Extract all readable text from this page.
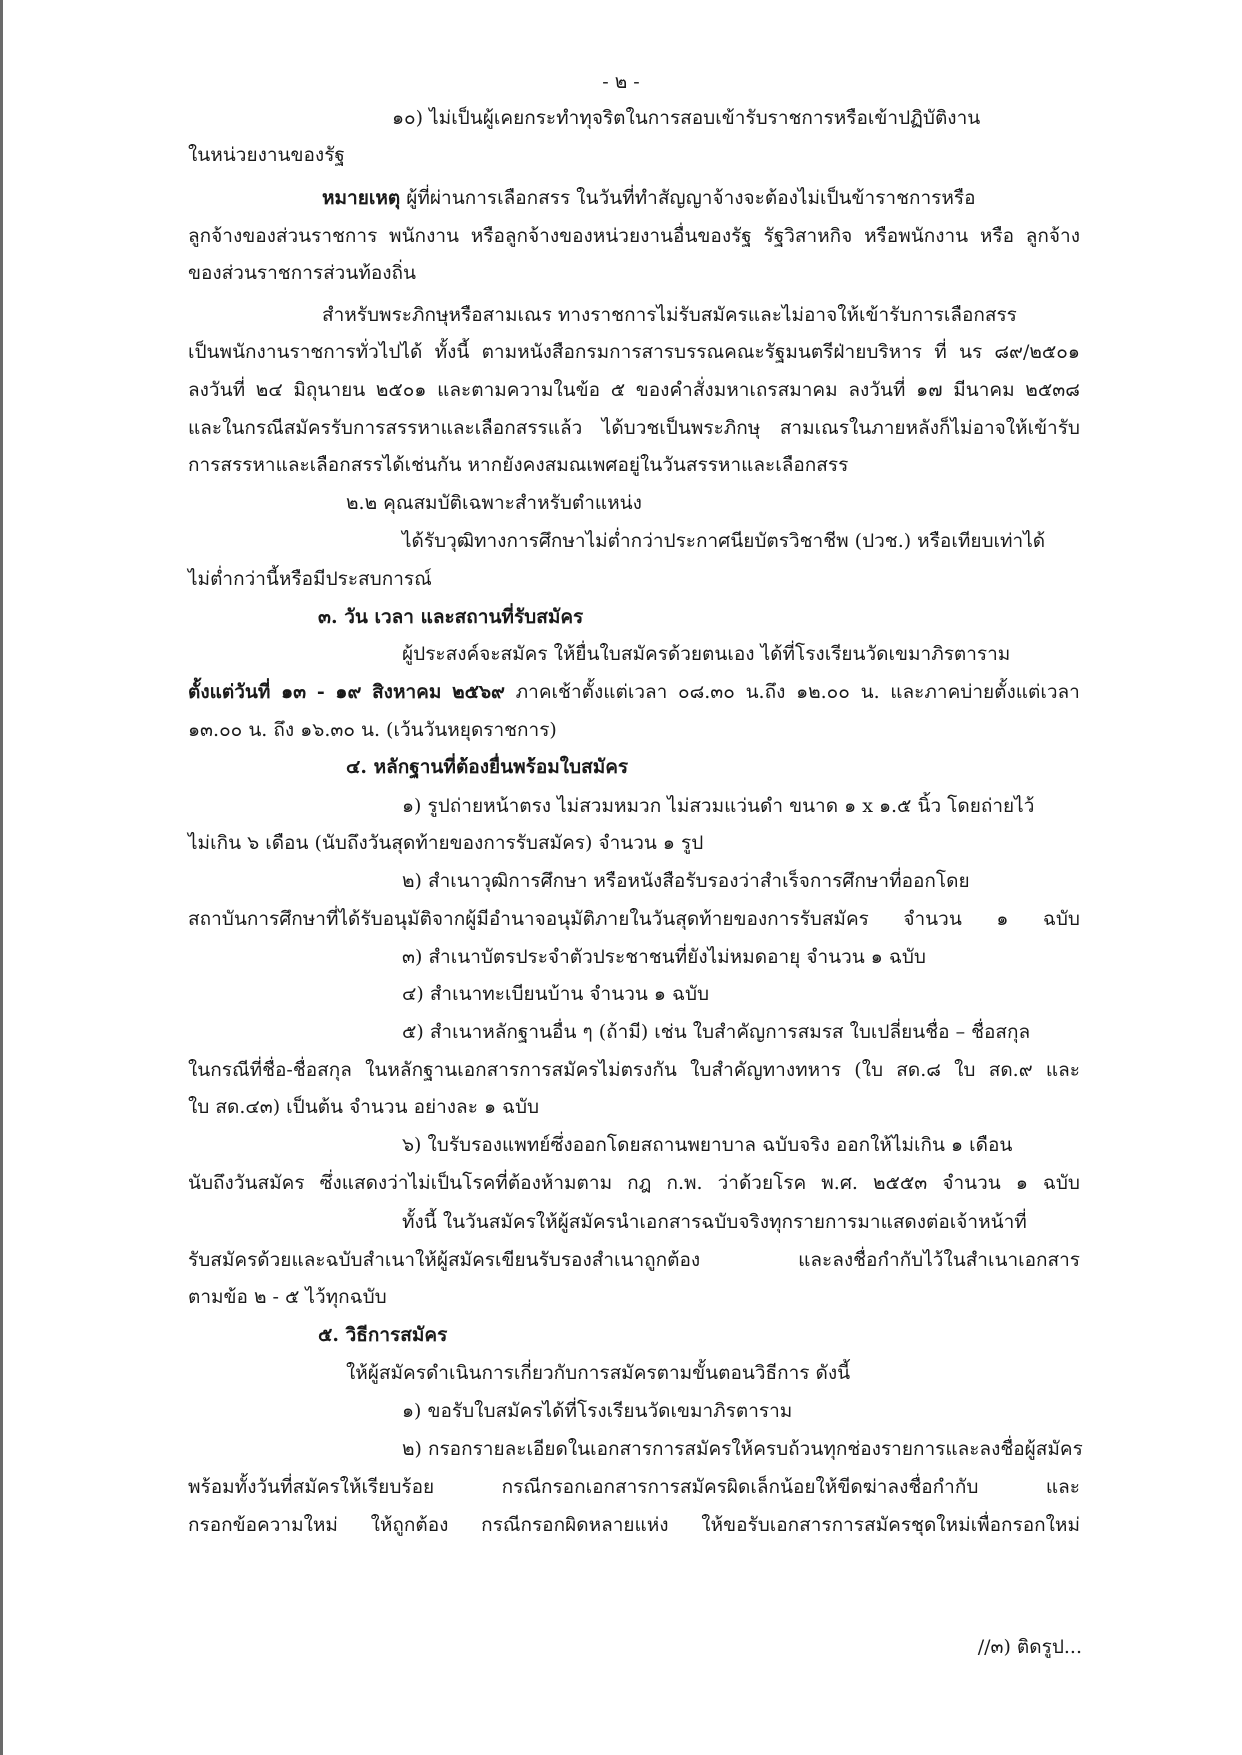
- ๒ -
๑๐) ไม่เป็นผู้เคยกระทำทุจริตในการสอบเข้ารับราชการหรือเข้าปฏิบัติงาน
ในหน่วยงานของรัฐ
หมายเหตุ ผู้ที่ผ่านการเลือกสรร ในวันที่ทำสัญญาจ้างจะต้องไม่เป็นข้าราชการหรือ
ลูกจ้างของส่วนราชการ พนักงาน หรือลูกจ้างของหน่วยงานอื่นของรัฐ รัฐวิสาหกิจ หรือพนักงาน หรือ ลูกจ้าง
ของส่วนราชการส่วนท้องถิ่น
สำหรับพระภิกษุหรือสามเณร ทางราชการไม่รับสมัครและไม่อาจให้เข้ารับการเลือกสรร
เป็นพนักงานราชการทั่วไปได้ ทั้งนี้ ตามหนังสือกรมการสารบรรณคณะรัฐมนตรีฝ่ายบริหาร ที่ นร ๘๙/๒๕๐๑
ลงวันที่ ๒๔ มิถุนายน ๒๕๐๑ และตามความในข้อ ๕ ของคำสั่งมหาเถรสมาคม ลงวันที่ ๑๗ มีนาคม ๒๕๓๘
และในกรณีสมัครรับการสรรหาและเลือกสรรแล้ว ได้บวชเป็นพระภิกษุ สามเณรในภายหลังก็ไม่อาจให้เข้ารับ
การสรรหาและเลือกสรรได้เช่นกัน หากยังคงสมณเพศอยู่ในวันสรรหาและเลือกสรร
๒.๒ คุณสมบัติเฉพาะสำหรับตำแหน่ง
ได้รับวุฒิทางการศึกษาไม่ต่ำกว่าประกาศนียบัตรวิชาชีพ (ปวช.) หรือเทียบเท่าได้
ไม่ต่ำกว่านี้หรือมีประสบการณ์
๓. วัน เวลา และสถานที่รับสมัคร
ผู้ประสงค์จะสมัคร ให้ยื่นใบสมัครด้วยตนเอง ได้ที่โรงเรียนวัดเขมาภิรตาราม
ตั้งแต่วันที่ ๑๓ - ๑๙ สิงหาคม ๒๕๖๙ ภาคเช้าตั้งแต่เวลา ๐๘.๓๐ น.ถึง ๑๒.๐๐ น. และภาคบ่ายตั้งแต่เวลา
๑๓.๐๐ น. ถึง ๑๖.๓๐ น. (เว้นวันหยุดราชการ)
๔. หลักฐานที่ต้องยื่นพร้อมใบสมัคร
๑) รูปถ่ายหน้าตรง ไม่สวมหมวก ไม่สวมแว่นดำ ขนาด ๑ x ๑.๕ นิ้ว โดยถ่ายไว้
ไม่เกิน ๖ เดือน (นับถึงวันสุดท้ายของการรับสมัคร) จำนวน ๑ รูป
๒) สำเนาวุฒิการศึกษา หรือหนังสือรับรองว่าสำเร็จการศึกษาที่ออกโดย
สถาบันการศึกษาที่ได้รับอนุมัติจากผู้มีอำนาจอนุมัติภายในวันสุดท้ายของการรับสมัคร จำนวน ๑ ฉบับ
๓) สำเนาบัตรประจำตัวประชาชนที่ยังไม่หมดอายุ จำนวน ๑ ฉบับ
๔) สำเนาทะเบียนบ้าน จำนวน ๑ ฉบับ
๕) สำเนาหลักฐานอื่น ๆ (ถ้ามี) เช่น ใบสำคัญการสมรส ใบเปลี่ยนชื่อ – ชื่อสกุล
ในกรณีที่ชื่อ-ชื่อสกุล ในหลักฐานเอกสารการสมัครไม่ตรงกัน ใบสำคัญทางทหาร (ใบ สด.๘ ใบ สด.๙ และ
ใบ สด.๔๓) เป็นต้น จำนวน อย่างละ ๑ ฉบับ
๖) ใบรับรองแพทย์ซึ่งออกโดยสถานพยาบาล ฉบับจริง ออกให้ไม่เกิน ๑ เดือน
นับถึงวันสมัคร ซึ่งแสดงว่าไม่เป็นโรคที่ต้องห้ามตาม กฎ ก.พ. ว่าด้วยโรค พ.ศ. ๒๕๕๓ จำนวน ๑ ฉบับ
ทั้งนี้ ในวันสมัครให้ผู้สมัครนำเอกสารฉบับจริงทุกรายการมาแสดงต่อเจ้าหน้าที่
รับสมัครด้วยและฉบับสำเนาให้ผู้สมัครเขียนรับรองสำเนาถูกต้อง	และลงชื่อกำกับไว้ในสำเนาเอกสาร
ตามข้อ ๒ - ๕ ไว้ทุกฉบับ
๕. วิธีการสมัคร
ให้ผู้สมัครดำเนินการเกี่ยวกับการสมัครตามขั้นตอนวิธีการ ดังนี้
๑) ขอรับใบสมัครได้ที่โรงเรียนวัดเขมาภิรตาราม
๒) กรอกรายละเอียดในเอกสารการสมัครให้ครบถ้วนทุกช่องรายการและลงชื่อผู้สมัคร
พร้อมทั้งวันที่สมัครให้เรียบร้อย	กรณีกรอกเอกสารการสมัครผิดเล็กน้อยให้ขีดฆ่าลงชื่อกำกับ	และ
กรอกข้อความใหม่ ให้ถูกต้อง กรณีกรอกผิดหลายแห่ง ให้ขอรับเอกสารการสมัครชุดใหม่เพื่อกรอกใหม่
//๓) ติดรูป...
